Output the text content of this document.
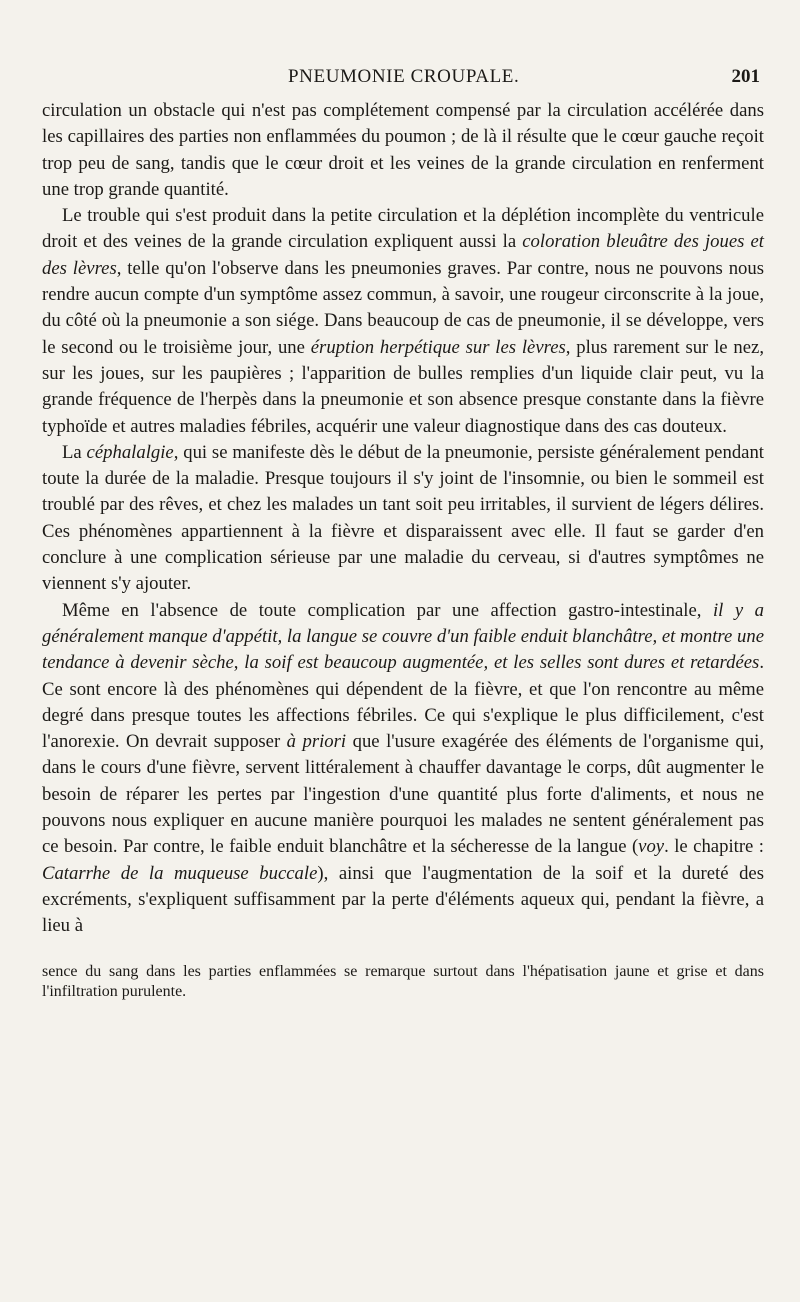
PNEUMONIE CROUPALE.	201

circulation un obstacle qui n'est pas complétement compensé par la circulation accélérée dans les capillaires des parties non enflammées du poumon ; de là il résulte que le cœur gauche reçoit trop peu de sang, tandis que le cœur droit et les veines de la grande circulation en renferment une trop grande quantité.

Le trouble qui s'est produit dans la petite circulation et la déplétion incomplète du ventricule droit et des veines de la grande circulation expliquent aussi la coloration bleuâtre des joues et des lèvres, telle qu'on l'observe dans les pneumonies graves. Par contre, nous ne pouvons nous rendre aucun compte d'un symptôme assez commun, à savoir, une rougeur circonscrite à la joue, du côté où la pneumonie a son siége. Dans beaucoup de cas de pneumonie, il se développe, vers le second ou le troisième jour, une éruption herpétique sur les lèvres, plus rarement sur le nez, sur les joues, sur les paupières ; l'apparition de bulles remplies d'un liquide clair peut, vu la grande fréquence de l'herpès dans la pneumonie et son absence presque constante dans la fièvre typhoïde et autres maladies fébriles, acquérir une valeur diagnostique dans des cas douteux.

La céphalalgie, qui se manifeste dès le début de la pneumonie, persiste généralement pendant toute la durée de la maladie. Presque toujours il s'y joint de l'insomnie, ou bien le sommeil est troublé par des rêves, et chez les malades un tant soit peu irritables, il survient de légers délires. Ces phénomènes appartiennent à la fièvre et disparaissent avec elle. Il faut se garder d'en conclure à une complication sérieuse par une maladie du cerveau, si d'autres symptômes ne viennent s'y ajouter.

Même en l'absence de toute complication par une affection gastro-intestinale, il y a généralement manque d'appétit, la langue se couvre d'un faible enduit blanchâtre, et montre une tendance à devenir sèche, la soif est beaucoup augmentée, et les selles sont dures et retardées. Ce sont encore là des phénomènes qui dépendent de la fièvre, et que l'on rencontre au même degré dans presque toutes les affections fébriles. Ce qui s'explique le plus difficilement, c'est l'anorexie. On devrait supposer à priori que l'usure exagérée des éléments de l'organisme qui, dans le cours d'une fièvre, servent littéralement à chauffer davantage le corps, dût augmenter le besoin de réparer les pertes par l'ingestion d'une quantité plus forte d'aliments, et nous ne pouvons nous expliquer en aucune manière pourquoi les malades ne sentent généralement pas ce besoin. Par contre, le faible enduit blanchâtre et la sécheresse de la langue (voy. le chapitre : Catarrhe de la muqueuse buccale), ainsi que l'augmentation de la soif et la dureté des excréments, s'expliquent suffisamment par la perte d'éléments aqueux qui, pendant la fièvre, a lieu à

sence du sang dans les parties enflammées se remarque surtout dans l'hépatisation jaune et grise et dans l'infiltration purulente.
